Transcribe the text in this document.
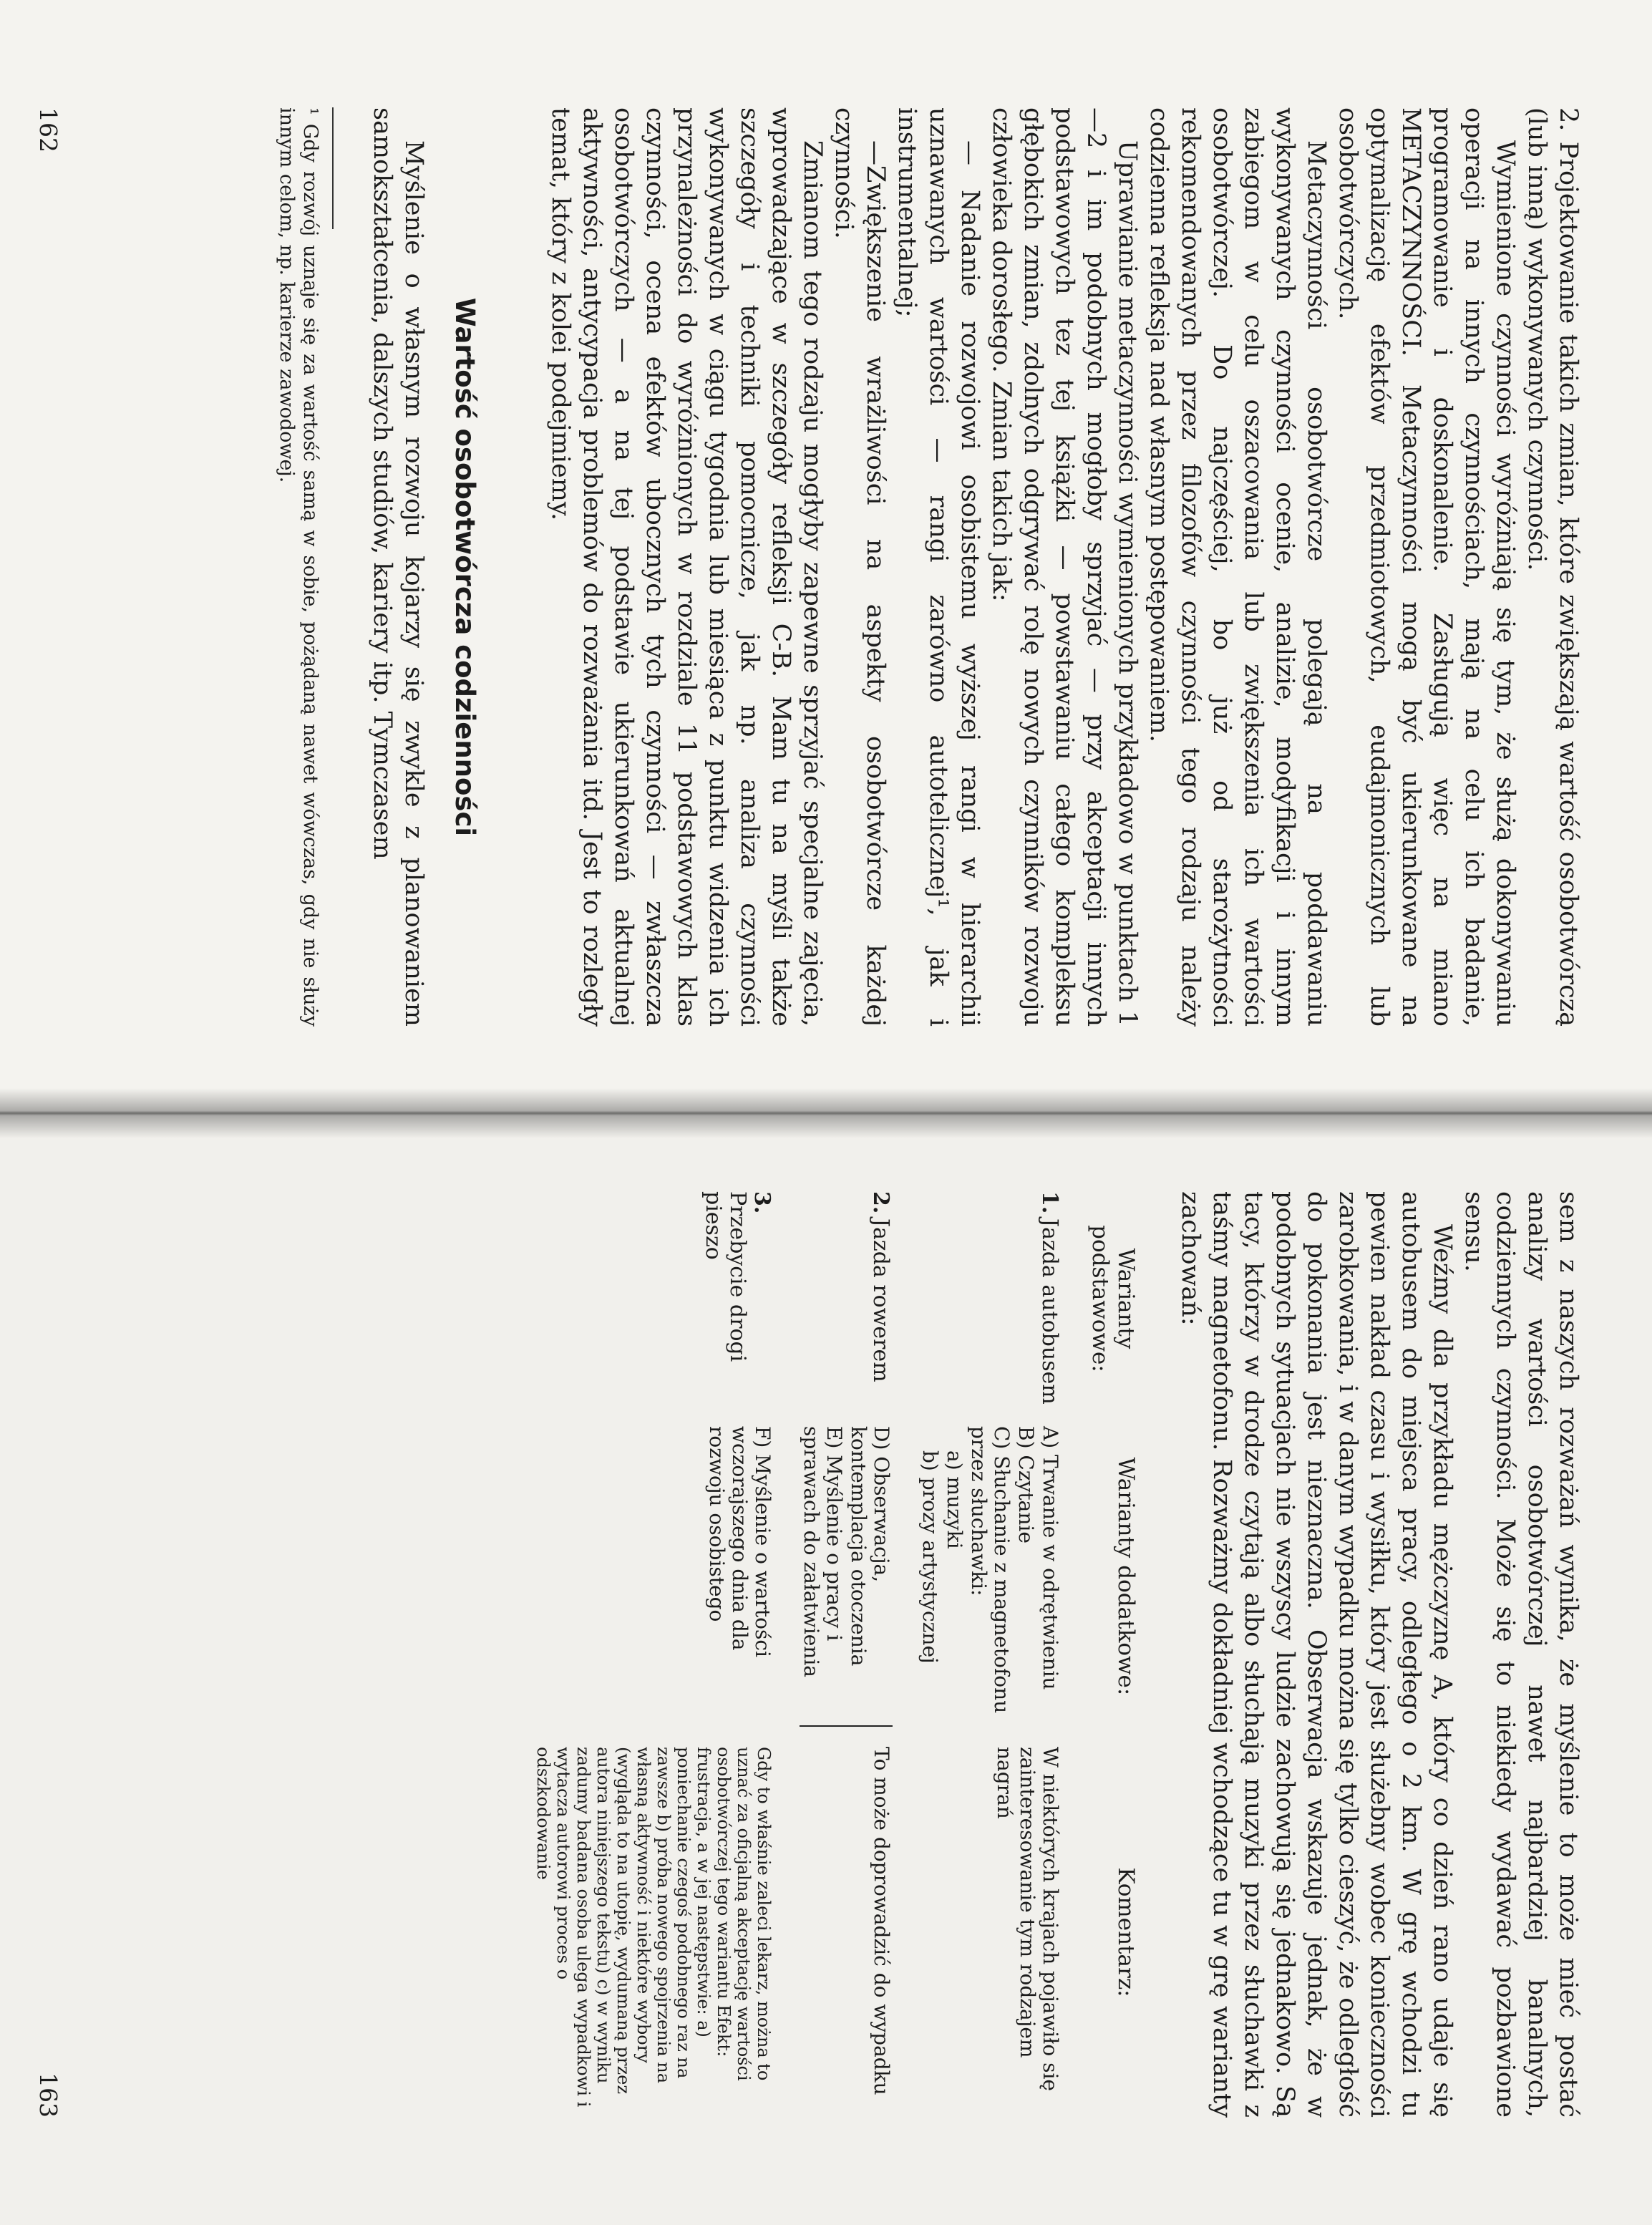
2. Projektowanie takich zmian, które zwiększają wartość osobotwórczą (lub inną) wykonywanych czynności.

Wymienione czynności wyróżniają się tym, że służą dokonywaniu operacji na innych czynnościach, mają na celu ich badanie, programowanie i doskonalenie. Zasługują więc na miano METACZYNNOŚCI. Metaczynności mogą być ukierunkowane na optymalizację efektów przedmiotowych, eudajmonicznych lub osobotwórczych.

Metaczynności osobotwórcze polegają na poddawaniu wykonywanych czynności ocenie, analizie, modyfikacji i innym zabiegom w celu oszacowania lub zwiększenia ich wartości osobotwórczej. Do najczęściej, bo już od starożytności rekomendowanych przez filozofów czynności tego rodzaju należy codzienna refleksja nad własnym postępowaniem.

Uprawianie metaczynności wymienionych przykładowo w punktach 1—2 i im podobnych mogłoby sprzyjać — przy akceptacji innych podstawowych tez tej książki — powstawaniu całego kompleksu głębokich zmian, zdolnych odgrywać rolę nowych czynników rozwoju człowieka dorosłego. Zmian takich jak:

— Nadanie rozwojowi osobistemu wyższej rangi w hierarchii uznawanych wartości — rangi zarówno autotelicznej¹, jak i instrumentalnej;

—Zwiększenie wrażliwości na aspekty osobotwórcze każdej czynności.

Zmianom tego rodzaju mogłyby zapewne sprzyjać specjalne zajęcia, wprowadzające w szczegóły refleksji C-B. Mam tu na myśli także szczegóły i techniki pomocnicze, jak np. analiza czynności wykonywanych w ciągu tygodnia lub miesiąca z punktu widzenia ich przynależności do wyróżnionych w rozdziale 11 podstawowych klas czynności, ocena efektów ubocznych tych czynności — zwłaszcza osobotwórczych — a na tej podstawie ukierunkowań aktualnej aktywności, antycypacja problemów do rozważania itd. Jest to rozległy temat, który z kolei podejmiemy.

Wartość osobotwórcza codzienności

Myślenie o własnym rozwoju kojarzy się zwykle z planowaniem samokształcenia, dalszych studiów, kariery itp. Tymczasem

¹ Gdy rozwój uznaje się za wartość samą w sobie, pożądaną nawet wówczas, gdy nie służy innym celom, np. karierze zawodowej.
162

sem z naszych rozważań wynika, że myślenie to może mieć postać analizy wartości osobotwórczej nawet najbardziej banalnych, codziennych czynności. Może się to niekiedy wydawać pozbawione sensu.

Weźmy dla przykładu mężczyznę A, który co dzień rano udaje się autobusem do miejsca pracy, odległego o 2 km. W grę wchodzi tu pewien nakład czasu i wysiłku, który jest służebny wobec konieczności zarobkowania, i w danym wypadku można się tylko cieszyć, że odległość do pokonania jest nieznaczna. Obserwacja wskazuje jednak, że w podobnych sytuacjach nie wszyscy ludzie zachowują się jednakowo. Są tacy, którzy w drodze czytają albo słuchają muzyki przez słuchawki z taśmy magnetofonu. Rozważmy dokładniej wchodzące tu w grę warianty zachowań:

Warianty podstawowe:
Warianty dodatkowe:
Komentarz:
1.Jazda autobusem
A) Trwanie w odrętwieniu
B) Czytanie
C) Słuchanie z magnetofonu przez słuchawki:
a) muzyki
b) prozy artystycznej
W niektórych krajach pojawiło się zainteresowanie tym rodzajem nagrań
2.Jazda rowerem
D) Obserwacja, kontemplacja otoczenia
E) Myślenie o pracy i sprawach do załatwienia
To może doprowadzić do wypadku
3.Przebycie drogi pieszo
F) Myślenie o wartości wczorajszego dnia dla rozwoju osobistego
Gdy to właśnie zaleci lekarz, można to uznać za oficjalną akceptację wartości osobotwórczej tego wariantu Efekt: frustracja, a w jej następstwie: a) poniechanie czegoś podobnego raz na zawsze b) próba nowego spojrzenia na własną aktywność i niektóre wybory (wygląda to na utopię, wydumaną przez autora niniejszego tekstu) c) w wyniku zadumy badana osoba ulega wypadkowi i wytacza autorowi proces o odszkodowanie
163
